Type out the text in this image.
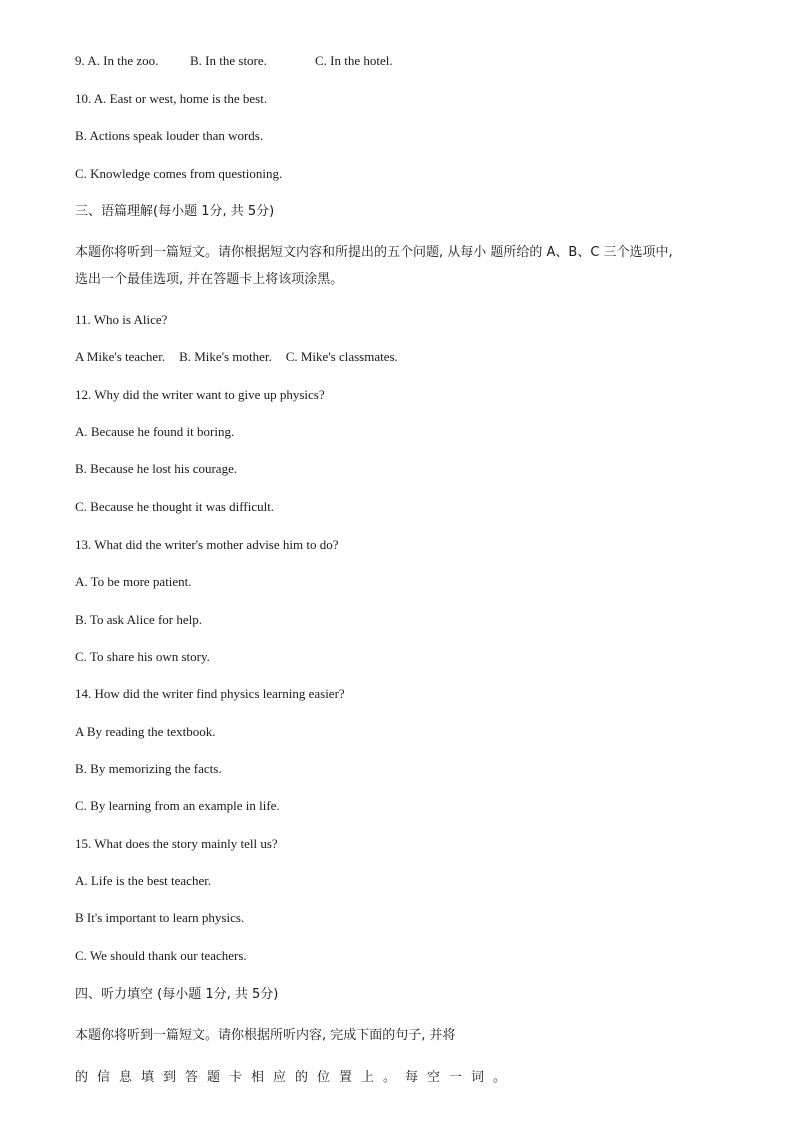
9. A. In the zoo. B. In the store.	C. In the hotel.
10. A. East or west, home is the best.
B. Actions speak louder than words.
C. Knowledge comes from questioning.
三、语篇理解(每小题 1分, 共 5分)
本题你将听到一篇短文。请你根据短文内容和所提出的五个问题, 从每小 题所给的 A、B、C 三个选项中,
选出一个最佳选项, 并在答题卡上将该项涂黑。
11. Who is Alice?
A Mike's teacher. B. Mike's mother. C. Mike's classmates.
12. Why did the writer want to give up physics?
A. Because he found it boring.
B. Because he lost his courage.
C. Because he thought it was difficult.
13. What did the writer's mother advise him to do?
A. To be more patient.
B. To ask Alice for help.
C. To share his own story.
14. How did the writer find physics learning easier?
A By reading the textbook.
B. By memorizing the facts.
C. By learning from an example in life.
15. What does the story mainly tell us?
A. Life is the best teacher.
B It's important to learn physics.
C. We should thank our teachers.
四、听力填空 (每小题 1分, 共 5分)
本题你将听到一篇短文。请你根据所听内容, 完成下面的句子, 并将
的信息填到答题卡相应的位置上。每空一词。
